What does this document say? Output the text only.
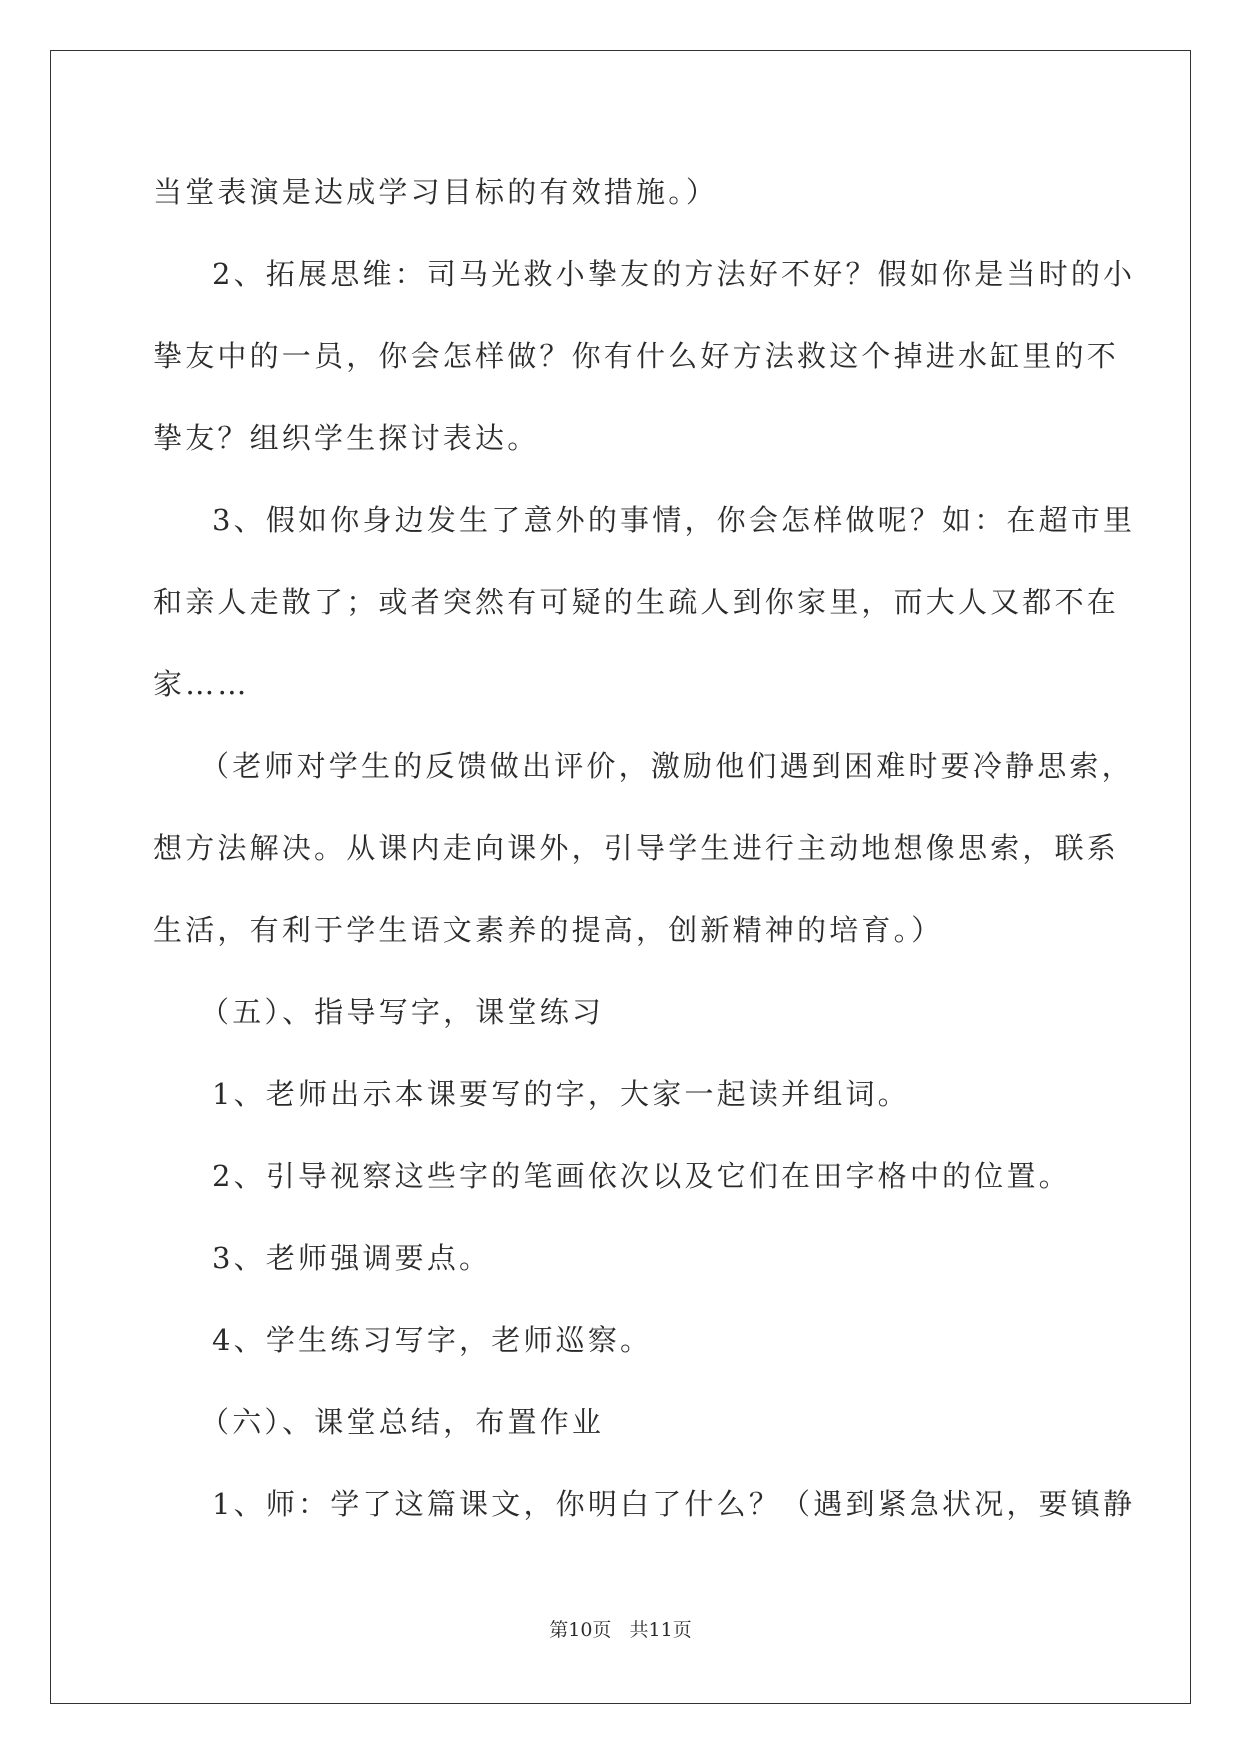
当堂表演是达成学习目标的有效措施。）
2、拓展思维：司马光救小挚友的方法好不好？假如你是当时的小
挚友中的一员，你会怎样做？你有什么好方法救这个掉进水缸里的不
挚友？组织学生探讨表达。
3、假如你身边发生了意外的事情，你会怎样做呢？如：在超市里
和亲人走散了；或者突然有可疑的生疏人到你家里，而大人又都不在
家……
（老师对学生的反馈做出评价，激励他们遇到困难时要冷静思索，
想方法解决。从课内走向课外，引导学生进行主动地想像思索，联系
生活，有利于学生语文素养的提高，创新精神的培育。）
（五）、指导写字，课堂练习
1、老师出示本课要写的字，大家一起读并组词。
2、引导视察这些字的笔画依次以及它们在田字格中的位置。
3、老师强调要点。
4、学生练习写字，老师巡察。
（六）、课堂总结，布置作业
1、师：学了这篇课文，你明白了什么？（遇到紧急状况，要镇静
第10页   共11页
